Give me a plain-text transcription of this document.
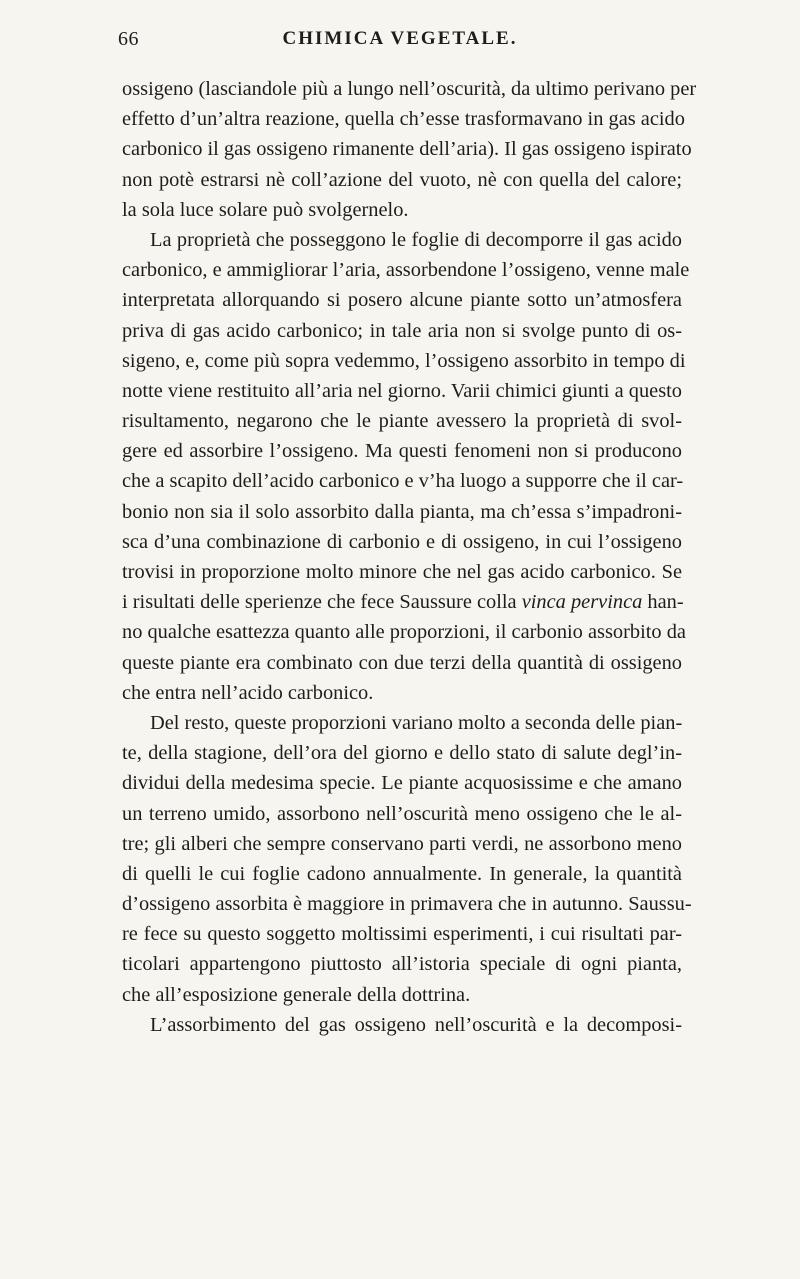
66	CHIMICA VEGETALE.
ossigeno (lasciandole più a lungo nell’oscurità, da ultimo perivano per
effetto d’un’altra reazione, quella ch’esse trasformavano in gas acido
carbonico il gas ossigeno rimanente dell’aria). Il gas ossigeno ispirato
non potè estrarsi nè coll’azione del vuoto, nè con quella del calore;
la sola luce solare può svolgernelo.
La proprietà che posseggono le foglie di decomporre il gas acido
carbonico, e ammigliorar l’aria, assorbendone l’ossigeno, venne male
interpretata allorquando si posero alcune piante sotto un’atmosfera
priva di gas acido carbonico; in tale aria non si svolge punto di os-
sigeno, e, come più sopra vedemmo, l’ossigeno assorbito in tempo di
notte viene restituito all’aria nel giorno. Varii chimici giunti a questo
risultamento, negarono che le piante avessero la proprietà di svol-
gere ed assorbire l’ossigeno. Ma questi fenomeni non si producono
che a scapito dell’acido carbonico e v’ha luogo a supporre che il car-
bonio non sia il solo assorbito dalla pianta, ma ch’essa s’impadroni-
sca d’una combinazione di carbonio e di ossigeno, in cui l’ossigeno
trovisi in proporzione molto minore che nel gas acido carbonico. Se
i risultati delle sperienze che fece Saussure colla vinca pervinca han-
no qualche esattezza quanto alle proporzioni, il carbonio assorbito da
queste piante era combinato con due terzi della quantità di ossigeno
che entra nell’acido carbonico.
Del resto, queste proporzioni variano molto a seconda delle pian-
te, della stagione, dell’ora del giorno e dello stato di salute degl’in-
dividui della medesima specie. Le piante acquosissime e che amano
un terreno umido, assorbono nell’oscurità meno ossigeno che le al-
tre; gli alberi che sempre conservano parti verdi, ne assorbono meno
di quelli le cui foglie cadono annualmente. In generale, la quantità
d’ossigeno assorbita è maggiore in primavera che in autunno. Saussu-
re fece su questo soggetto moltissimi esperimenti, i cui risultati par-
ticolari appartengono piuttosto all’istoria speciale di ogni pianta,
che all’esposizione generale della dottrina.
L’assorbimento del gas ossigeno nell’oscurità e la decomposi-
